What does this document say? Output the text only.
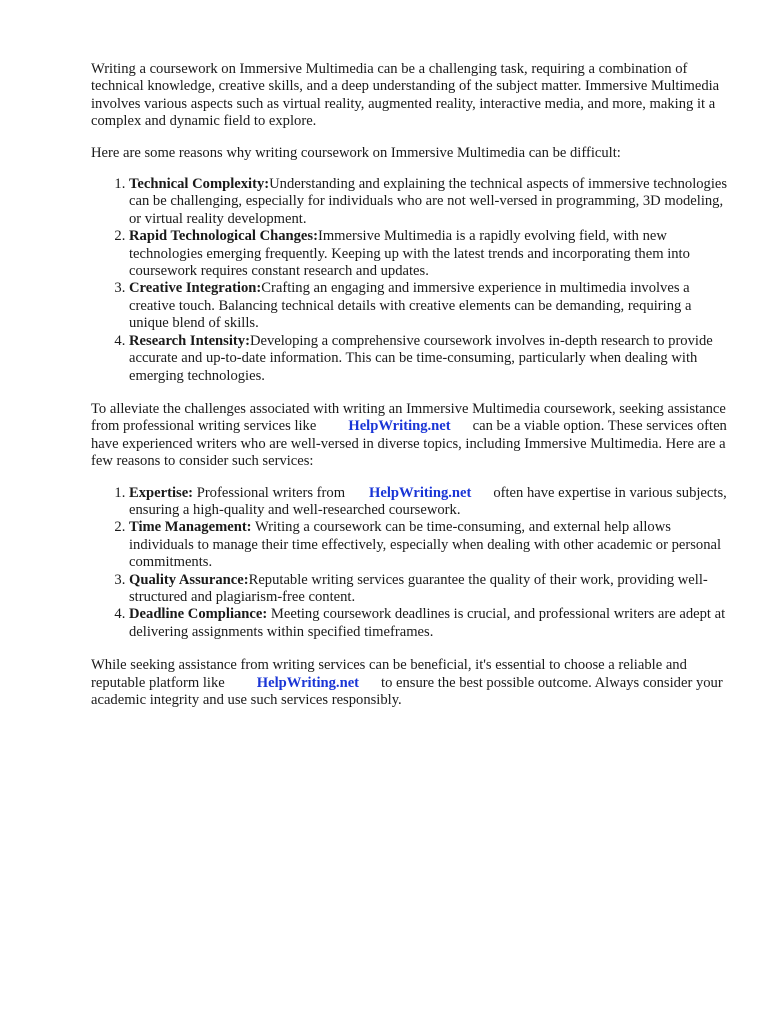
Writing a coursework on Immersive Multimedia can be a challenging task, requiring a combination of technical knowledge, creative skills, and a deep understanding of the subject matter. Immersive Multimedia involves various aspects such as virtual reality, augmented reality, interactive media, and more, making it a complex and dynamic field to explore.

Here are some reasons why writing coursework on Immersive Multimedia can be difficult:

1. Technical Complexity:Understanding and explaining the technical aspects of immersive technologies can be challenging, especially for individuals who are not well-versed in programming, 3D modeling, or virtual reality development.
2. Rapid Technological Changes:Immersive Multimedia is a rapidly evolving field, with new technologies emerging frequently. Keeping up with the latest trends and incorporating them into coursework requires constant research and updates.
3. Creative Integration:Crafting an engaging and immersive experience in multimedia involves a creative touch. Balancing technical details with creative elements can be demanding, requiring a unique blend of skills.
4. Research Intensity:Developing a comprehensive coursework involves in-depth research to provide accurate and up-to-date information. This can be time-consuming, particularly when dealing with emerging technologies.

To alleviate the challenges associated with writing an Immersive Multimedia coursework, seeking assistance from professional writing services like HelpWriting.net can be a viable option. These services often have experienced writers who are well-versed in diverse topics, including Immersive Multimedia. Here are a few reasons to consider such services:

1. Expertise: Professional writers from HelpWriting.net often have expertise in various subjects, ensuring a high-quality and well-researched coursework.
2. Time Management: Writing a coursework can be time-consuming, and external help allows individuals to manage their time effectively, especially when dealing with other academic or personal commitments.
3. Quality Assurance:Reputable writing services guarantee the quality of their work, providing well-structured and plagiarism-free content.
4. Deadline Compliance: Meeting coursework deadlines is crucial, and professional writers are adept at delivering assignments within specified timeframes.

While seeking assistance from writing services can be beneficial, it's essential to choose a reliable and reputable platform like HelpWriting.net to ensure the best possible outcome. Always consider your academic integrity and use such services responsibly.
